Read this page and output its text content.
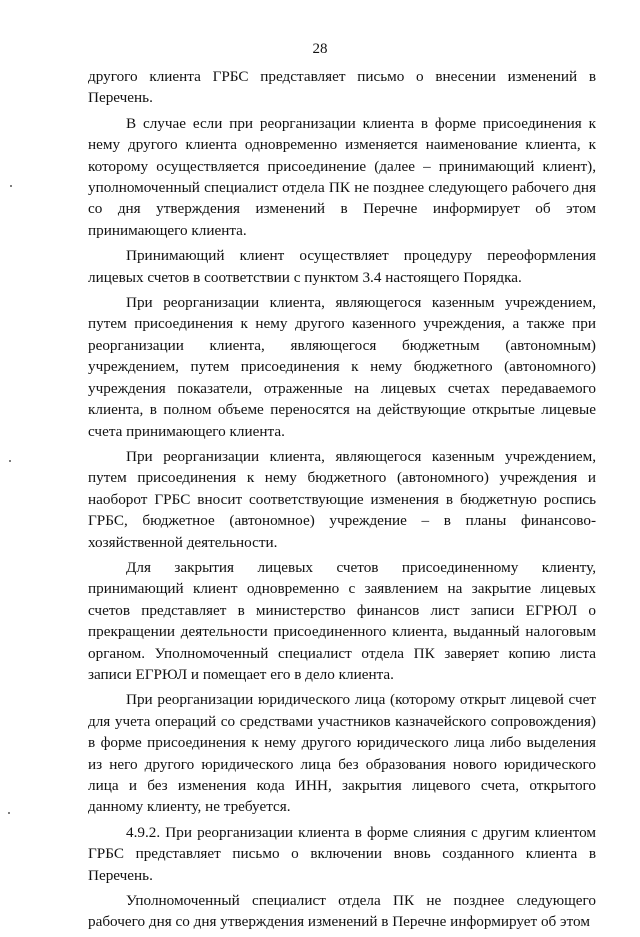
28

другого клиента ГРБС представляет письмо о внесении изменений в Перечень.

В случае если при реорганизации клиента в форме присоединения к нему другого клиента одновременно изменяется наименование клиента, к которому осуществляется присоединение (далее – принимающий клиент), уполномоченный специалист отдела ПК не позднее следующего рабочего дня со дня утверждения изменений в Перечне информирует об этом принимающего клиента.

Принимающий клиент осуществляет процедуру переоформления лицевых счетов в соответствии с пунктом 3.4 настоящего Порядка.

При реорганизации клиента, являющегося казенным учреждением, путем присоединения к нему другого казенного учреждения, а также при реорганизации клиента, являющегося бюджетным (автономным) учреждением, путем присоединения к нему бюджетного (автономного) учреждения показатели, отраженные на лицевых счетах передаваемого клиента, в полном объеме переносятся на действующие открытые лицевые счета принимающего клиента.

При реорганизации клиента, являющегося казенным учреждением, путем присоединения к нему бюджетного (автономного) учреждения и наоборот ГРБС вносит соответствующие изменения в бюджетную роспись ГРБС, бюджетное (автономное) учреждение – в планы финансово-хозяйственной деятельности.

Для закрытия лицевых счетов присоединенному клиенту, принимающий клиент одновременно с заявлением на закрытие лицевых счетов представляет в министерство финансов лист записи ЕГРЮЛ о прекращении деятельности присоединенного клиента, выданный налоговым органом. Уполномоченный специалист отдела ПК заверяет копию листа записи ЕГРЮЛ и помещает его в дело клиента.

При реорганизации юридического лица (которому открыт лицевой счет для учета операций со средствами участников казначейского сопровождения) в форме присоединения к нему другого юридического лица либо выделения из него другого юридического лица без образования нового юридического лица и без изменения кода ИНН, закрытия лицевого счета, открытого данному клиенту, не требуется.

4.9.2. При реорганизации клиента в форме слияния с другим клиентом ГРБС представляет письмо о включении вновь созданного клиента в Перечень.

Уполномоченный специалист отдела ПК не позднее следующего рабочего дня со дня утверждения изменений в Перечне информирует об этом
